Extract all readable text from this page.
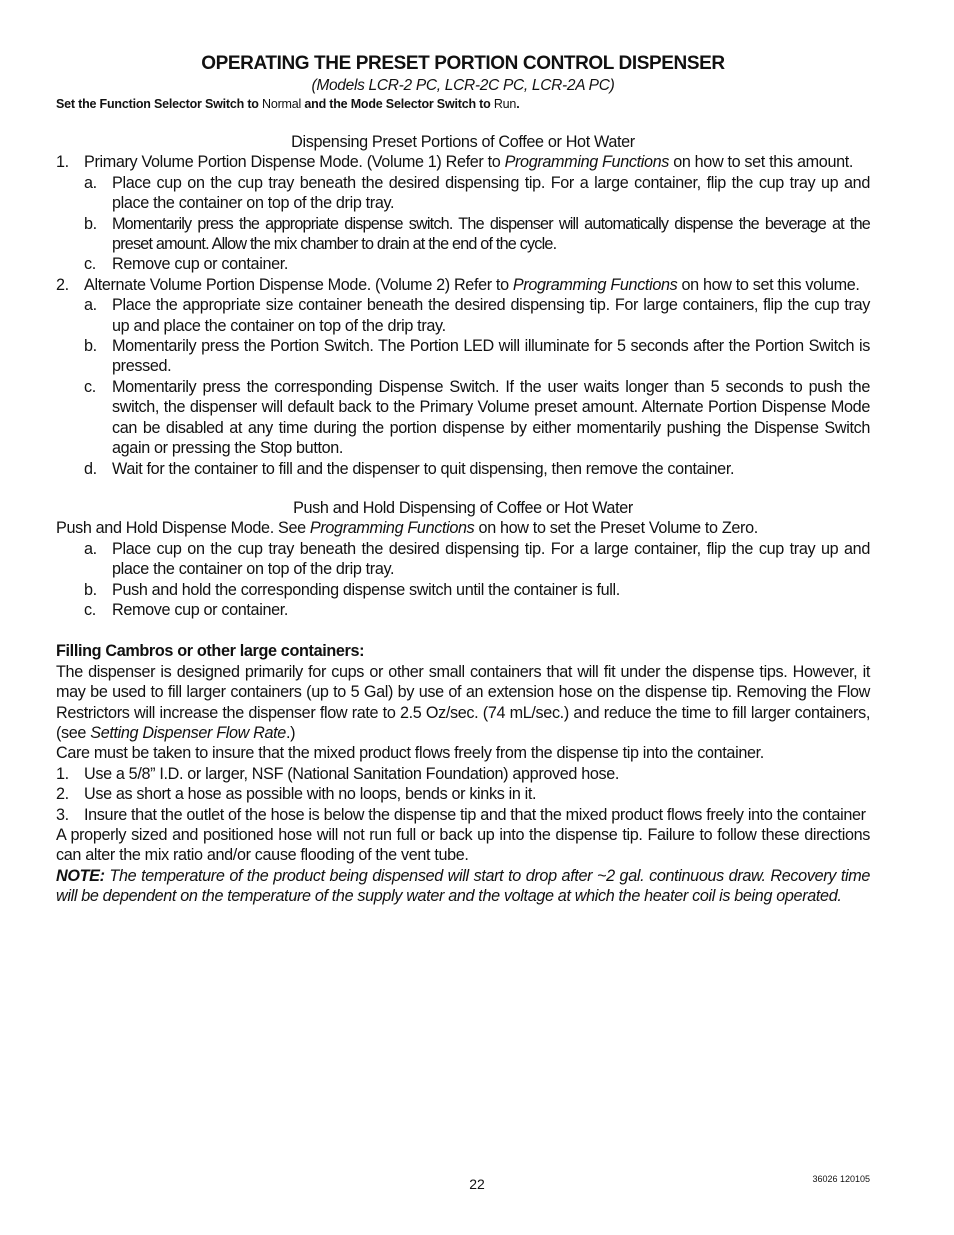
OPERATING THE PRESET PORTION CONTROL DISPENSER
(Models LCR-2 PC, LCR-2C PC, LCR-2A PC)
Set the Function Selector Switch to Normal and the Mode Selector Switch to Run.
Dispensing Preset Portions of Coffee or Hot Water
1. Primary Volume Portion Dispense Mode. (Volume 1) Refer to Programming Functions on how to set this amount.
a. Place cup on the cup tray beneath the desired dispensing tip. For a large container, flip the cup tray up and place the container on top of the drip tray.
b. Momentarily press the appropriate dispense switch. The dispenser will automatically dispense the beverage at the preset amount. Allow the mix chamber to drain at the end of the cycle.
c. Remove cup or container.
2. Alternate Volume Portion Dispense Mode. (Volume 2) Refer to Programming Functions on how to set this volume.
a. Place the appropriate size container beneath the desired dispensing tip. For large containers, flip the cup tray up and place the container on top of the drip tray.
b. Momentarily press the Portion Switch. The Portion LED will illuminate for 5 seconds after the Portion Switch is pressed.
c. Momentarily press the corresponding Dispense Switch. If the user waits longer than 5 seconds to push the switch, the dispenser will default back to the Primary Volume preset amount. Alternate Portion Dispense Mode can be disabled at any time during the portion dispense by either momentarily pushing the Dispense Switch again or pressing the Stop button.
d. Wait for the container to fill and the dispenser to quit dispensing, then remove the container.
Push and Hold Dispensing of Coffee or Hot Water
Push and Hold Dispense Mode. See Programming Functions on how to set the Preset Volume to Zero.
a. Place cup on the cup tray beneath the desired dispensing tip. For a large container, flip the cup tray up and place the container on top of the drip tray.
b. Push and hold the corresponding dispense switch until the container is full.
c. Remove cup or container.
Filling Cambros or other large containers:
The dispenser is designed primarily for cups or other small containers that will fit under the dispense tips. However, it may be used to fill larger containers (up to 5 Gal) by use of an extension hose on the dispense tip. Removing the Flow Restrictors will increase the dispenser flow rate to 2.5 Oz/sec. (74 mL/sec.) and reduce the time to fill larger containers, (see Setting Dispenser Flow Rate.)
Care must be taken to insure that the mixed product flows freely from the dispense tip into the container.
1. Use a 5/8” I.D. or larger, NSF (National Sanitation Foundation) approved hose.
2. Use as short a hose as possible with no loops, bends or kinks in it.
3. Insure that the outlet of the hose is below the dispense tip and that the mixed product flows freely into the container
A properly sized and positioned hose will not run full or back up into the dispense tip. Failure to follow these directions can alter the mix ratio and/or cause flooding of the vent tube.
NOTE: The temperature of the product being dispensed will start to drop after ~2 gal. continuous draw. Recovery time will be dependent on the temperature of the supply water and the voltage at which the heater coil is being operated.
22	36026 120105
